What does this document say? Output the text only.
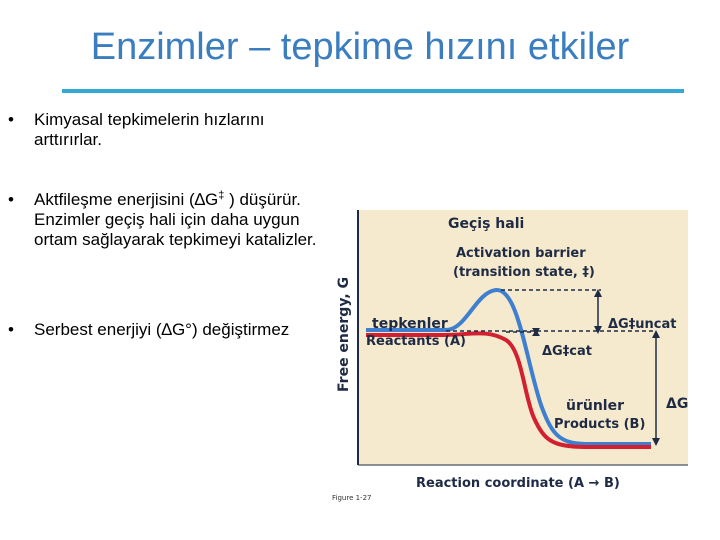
Enzimler – tepkime hızını etkiler
• Kimyasal tepkimelerin hızlarını arttırırlar.
• Aktfileşme enerjisini (∆G‡ ) düşürür. Enzimler geçiş hali için daha uygun ortam sağlayarak tepkimeyi katalizler.
• Serbest enerjiyi (∆G°) değiştirmez
Geçiş hali
Activation barrier
(transition state, ‡)
tepkenler
Reactants (A)
ΔG‡uncat
ΔG‡cat
ürünler
Products (B)
ΔG
Reaction coordinate (A → B)
Free energy, G
Figure 1-27
